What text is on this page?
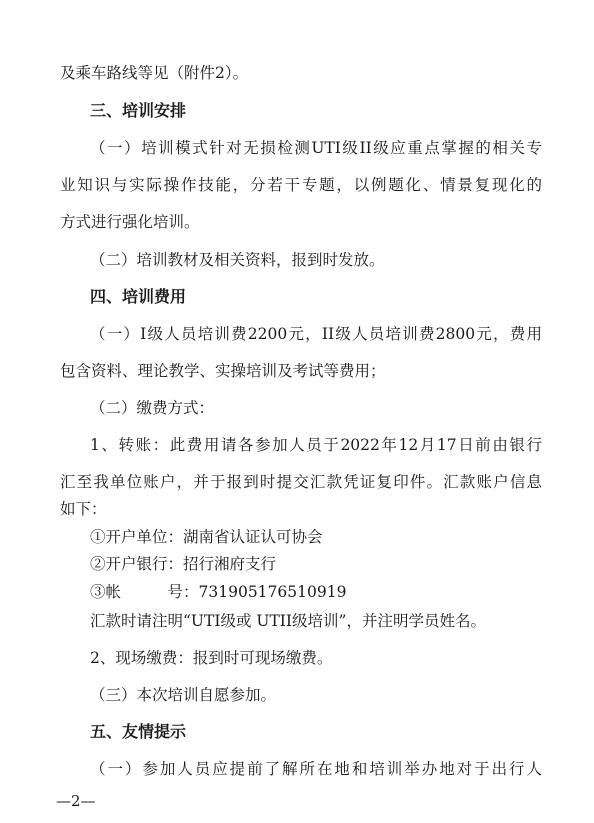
及乘车路线等见（附件2）。
三、培训安排
（一）培训模式针对无损检测UTI级II级应重点掌握的相关专
业知识与实际操作技能，分若干专题，以例题化、情景复现化的
方式进行强化培训。
（二）培训教材及相关资料，报到时发放。
四、培训费用
（一）I级人员培训费2200元，II级人员培训费2800元，费用
包含资料、理论教学、实操培训及考试等费用；
（二）缴费方式：
1、转账：此费用请各参加人员于2022年12月17日前由银行
汇至我单位账户，并于报到时提交汇款凭证复印件。汇款账户信息
如下：
①开户单位：湖南省认证认可协会
②开户银行：招行湘府支行
③帐　　　号：731905176510919
汇款时请注明“UTI级或 UTII级培训”，并注明学员姓名。
2、现场缴费：报到时可现场缴费。
（三）本次培训自愿参加。
五、友情提示
（一）参加人员应提前了解所在地和培训举办地对于出行人
—2—
